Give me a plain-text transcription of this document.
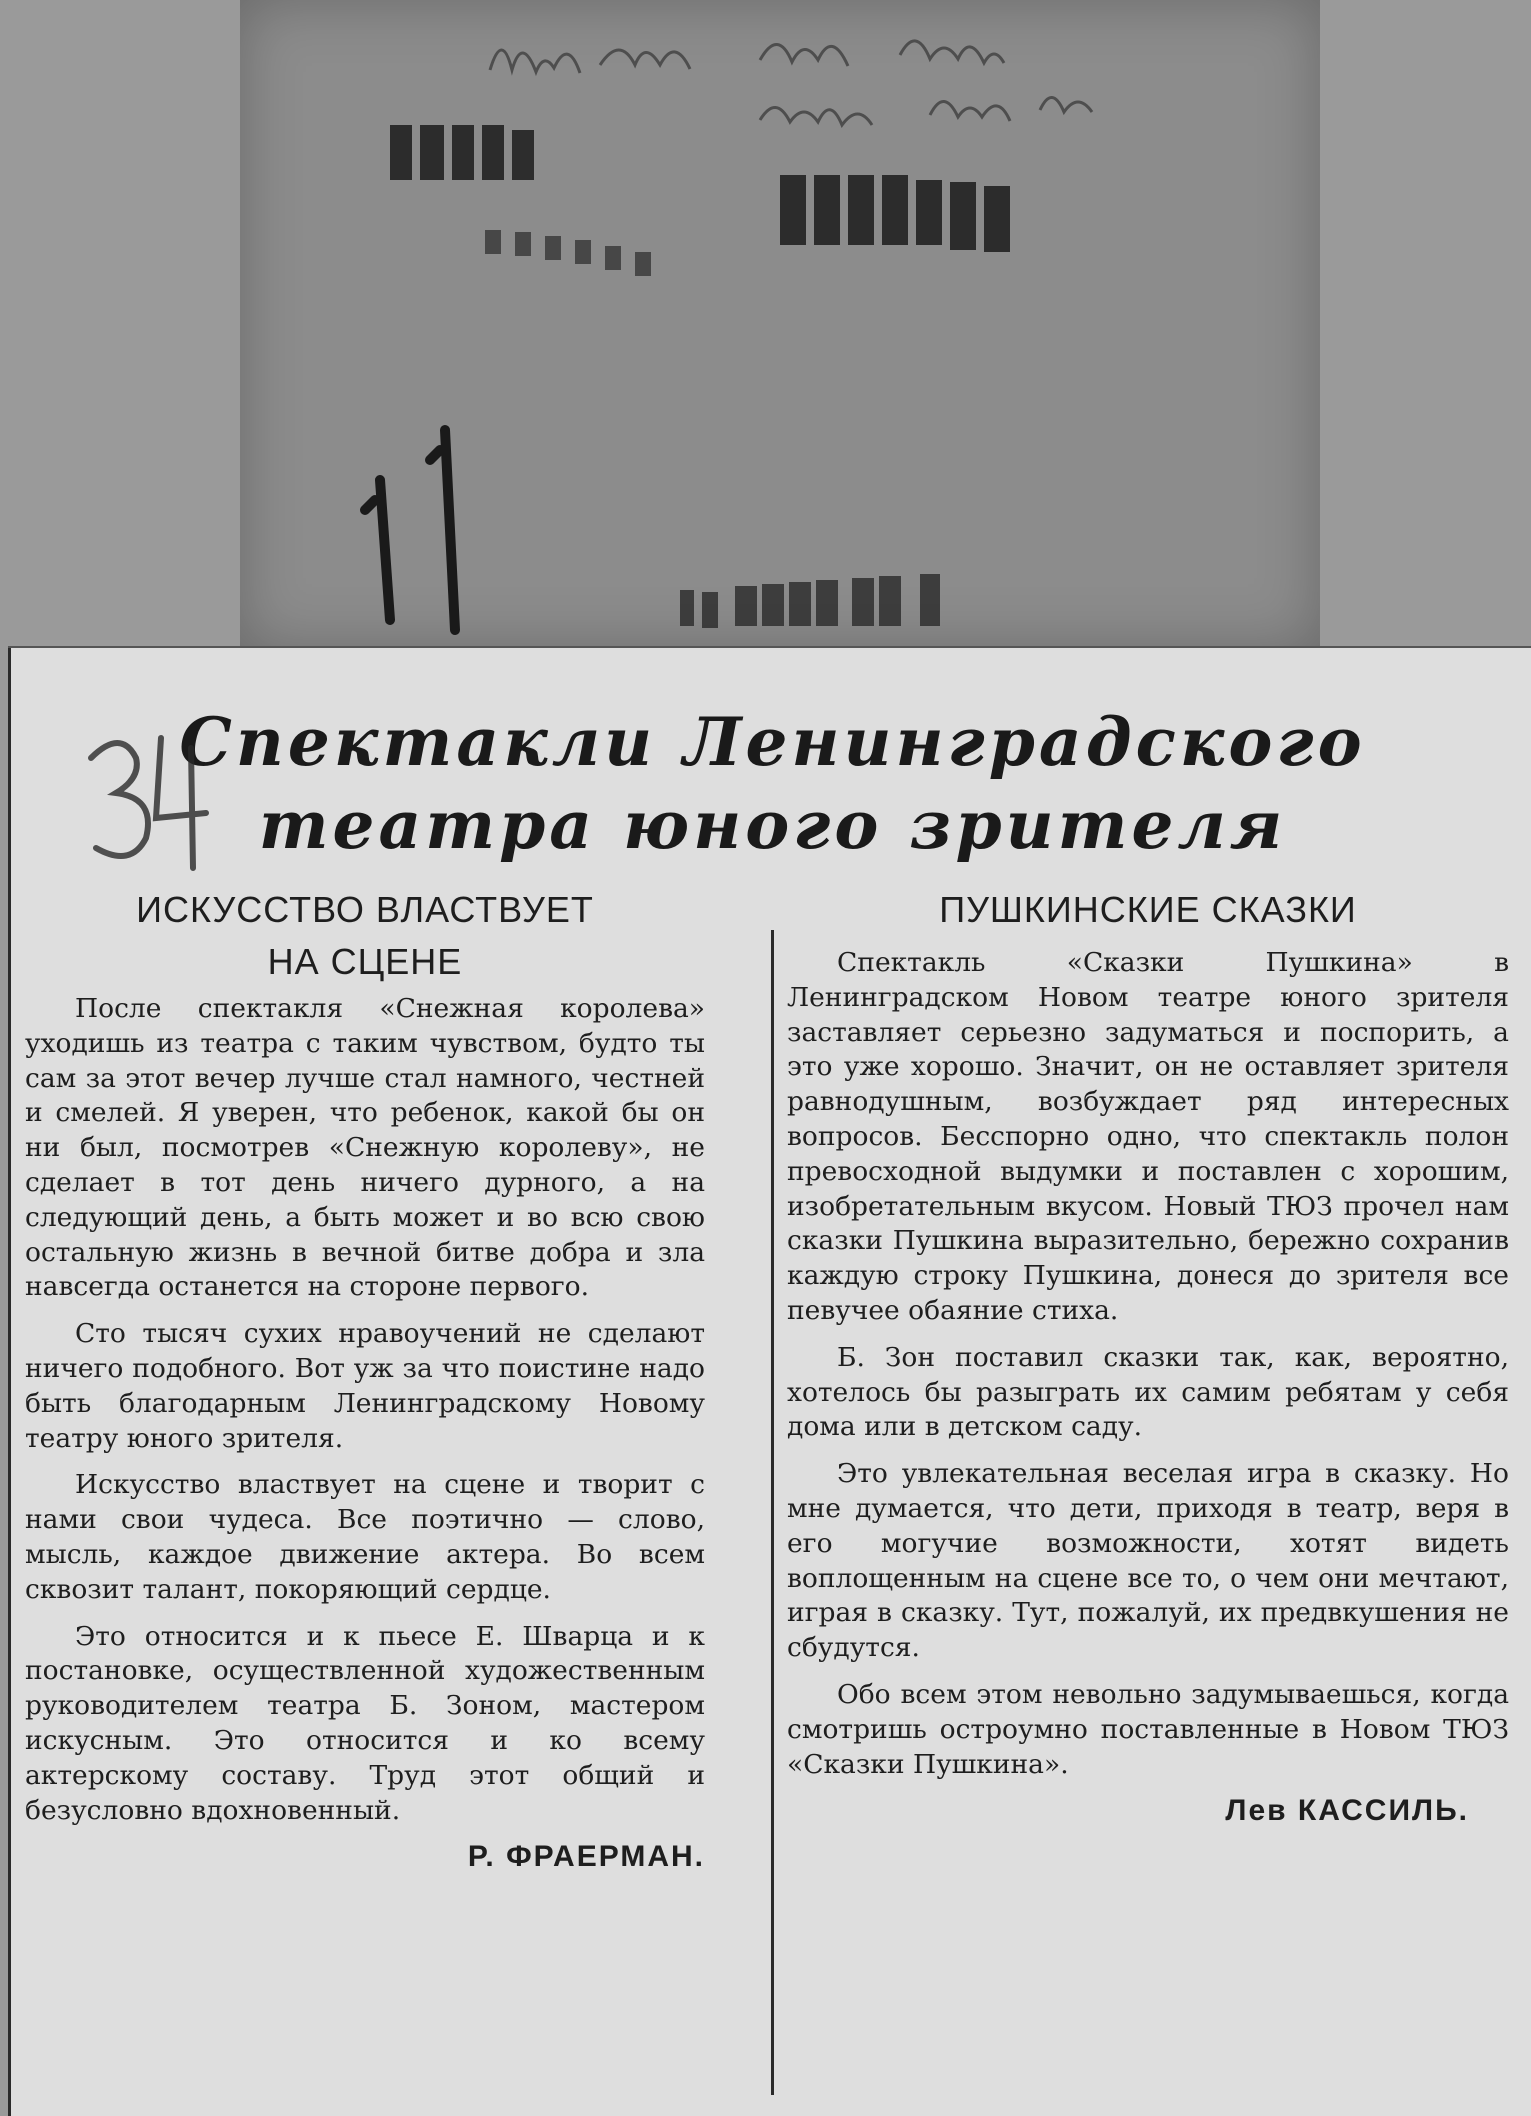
Спектакли Ленинградского
театра юного зрителя
ИСКУССТВО ВЛАСТВУЕТ
НА СЦЕНЕ

После спектакля «Снежная королева» уходишь из театра с таким чувством, будто ты сам за этот вечер лучше стал намного, честней и смелей. Я уверен, что ребенок, какой бы он ни был, посмотрев «Снежную королеву», не сделает в тот день ничего дурного, а на следующий день, а быть может и во всю свою остальную жизнь в вечной битве добра и зла навсегда останется на стороне первого.

Сто тысяч сухих нравоучений не сделают ничего подобного. Вот уж за что поистине надо быть благодарным Ленинградскому Новому театру юного зрителя.

Искусство властвует на сцене и творит с нами свои чудеса. Все поэтично — слово, мысль, каждое движение актера. Во всем сквозит талант, покоряющий сердце.

Это относится и к пьесе Е. Шварца и к постановке, осуществленной художественным руководителем театра Б. Зоном, мастером искусным. Это относится и ко всему актерскому составу. Труд этот общий и безусловно вдохновенный.

Р. ФРАЕРМАН.
ПУШКИНСКИЕ СКАЗКИ

Спектакль «Сказки Пушкина» в Ленинградском Новом театре юного зрителя заставляет серьезно задуматься и поспорить, а это уже хорошо. Значит, он не оставляет зрителя равнодушным, возбуждает ряд интересных вопросов. Бесспорно одно, что спектакль полон превосходной выдумки и поставлен с хорошим, изобретательным вкусом. Новый ТЮЗ прочел нам сказки Пушкина выразительно, бережно сохранив каждую строку Пушкина, донеся до зрителя все певучее обаяние стиха.

Б. Зон поставил сказки так, как, вероятно, хотелось бы разыграть их самим ребятам у себя дома или в детском саду.

Это увлекательная веселая игра в сказку. Но мне думается, что дети, приходя в театр, веря в его могучие возможности, хотят видеть воплощенным на сцене все то, о чем они мечтают, играя в сказку. Тут, пожалуй, их предвкушения не сбудутся.

Обо всем этом невольно задумываешься, когда смотришь остроумно поставленные в Новом ТЮЗ «Сказки Пушкина».

Лев КАССИЛЬ.
